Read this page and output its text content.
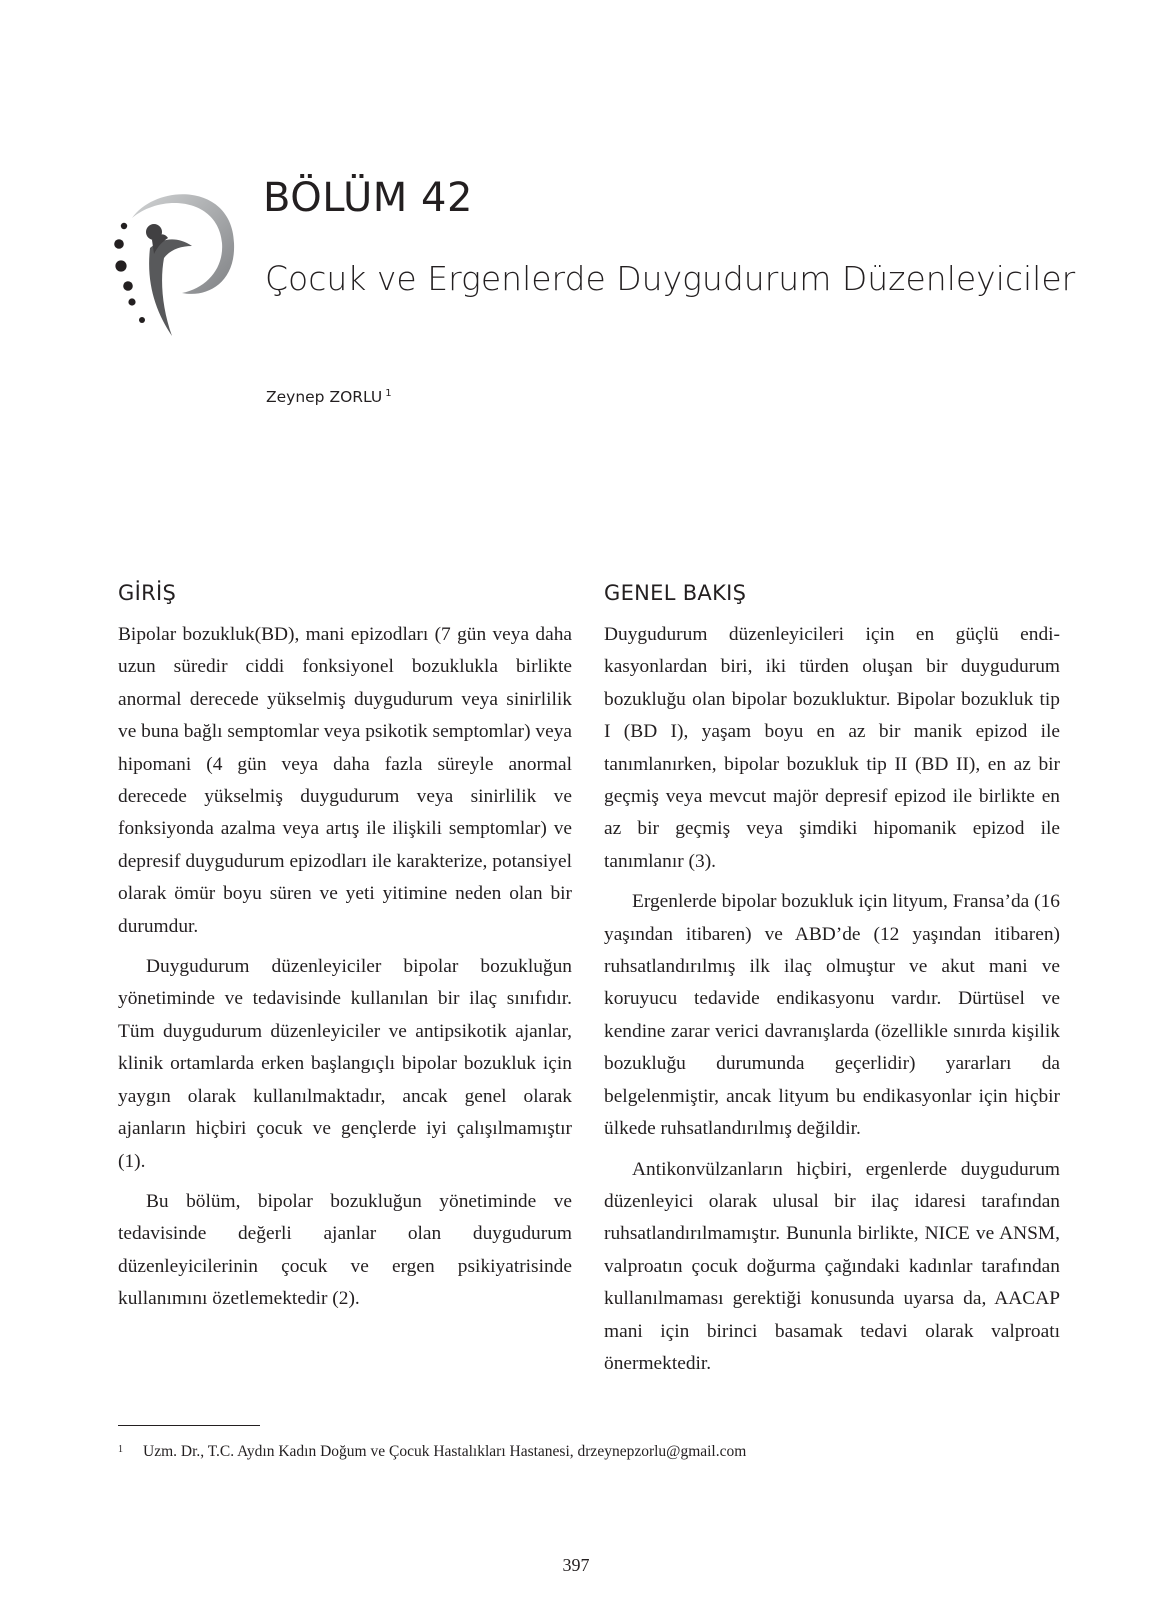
BÖLÜM 42
Çocuk ve Ergenlerde Duygudurum Düzenleyiciler
Zeynep ZORLU $^1$
GİRİŞ

Bipolar bozukluk(BD), mani epizodları (7 gün veya daha uzun süredir ciddi fonksiyonel bozuklukla birlikte anormal derecede yükselmiş duygudurum veya sinirlilik ve buna bağlı semptomlar veya psikotik semptomlar) veya hipomani (4 gün veya daha fazla süreyle anormal derecede yükselmiş duygudurum veya sinirlilik ve fonksiyonda azalma veya artış ile ilişkili semptomlar) ve depresif duygudurum epizodları ile karakterize, potansiyel olarak ömür boyu süren ve yeti yitimine neden olan bir durumdur.

Duygudurum düzenleyiciler bipolar bozukluğun yönetiminde ve tedavisinde kullanılan bir ilaç sınıfıdır. Tüm duygudurum düzenleyiciler ve antipsikotik ajanlar, klinik ortamlarda erken başlangıçlı bipolar bozukluk için yaygın olarak kullanılmaktadır, ancak genel olarak ajanların hiçbiri çocuk ve gençlerde iyi çalışılmamıştır (1).

Bu bölüm, bipolar bozukluğun yönetiminde ve tedavisinde değerli ajanlar olan duygudurum düzenleyicilerinin çocuk ve ergen psikiyatrisinde kullanımını özetlemektedir (2).

GENEL BAKIŞ

Duygudurum düzenleyicileri için en güçlü endikasyonlardan biri, iki türden oluşan bir duygudurum bozukluğu olan bipolar bozukluktur. Bipolar bozukluk tip I (BD I), yaşam boyu en az bir manik epizod ile tanımlanırken, bipolar bozukluk tip II (BD II), en az bir geçmiş veya mevcut majör depresif epizod ile birlikte en az bir geçmiş veya şimdiki hipomanik epizod ile tanımlanır (3).

Ergenlerde bipolar bozukluk için lityum, Fransa’da (16 yaşından itibaren) ve ABD’de (12 yaşından itibaren) ruhsatlandırılmış ilk ilaç olmuştur ve akut mani ve koruyucu tedavide endikasyonu vardır. Dürtüsel ve kendine zarar verici davranışlarda (özellikle sınırda kişilik bozukluğu durumunda geçerlidir) yararları da belgelenmiştir, ancak lityum bu endikasyonlar için hiçbir ülkede ruhsatlandırılmış değildir.

Antikonvülzanların hiçbiri, ergenlerde duygudurum düzenleyici olarak ulusal bir ilaç idaresi tarafından ruhsatlandırılmamıştır. Bununla birlikte, NICE ve ANSM, valproatın çocuk doğurma çağındaki kadınlar tarafından kullanılmaması gerektiği konusunda uyarsa da, AACAP mani için birinci basamak tedavi olarak valproatı önermektedir.

1 Uzm. Dr., T.C. Aydın Kadın Doğum ve Çocuk Hastalıkları Hastanesi, drzeynepzorlu@gmail.com
397
